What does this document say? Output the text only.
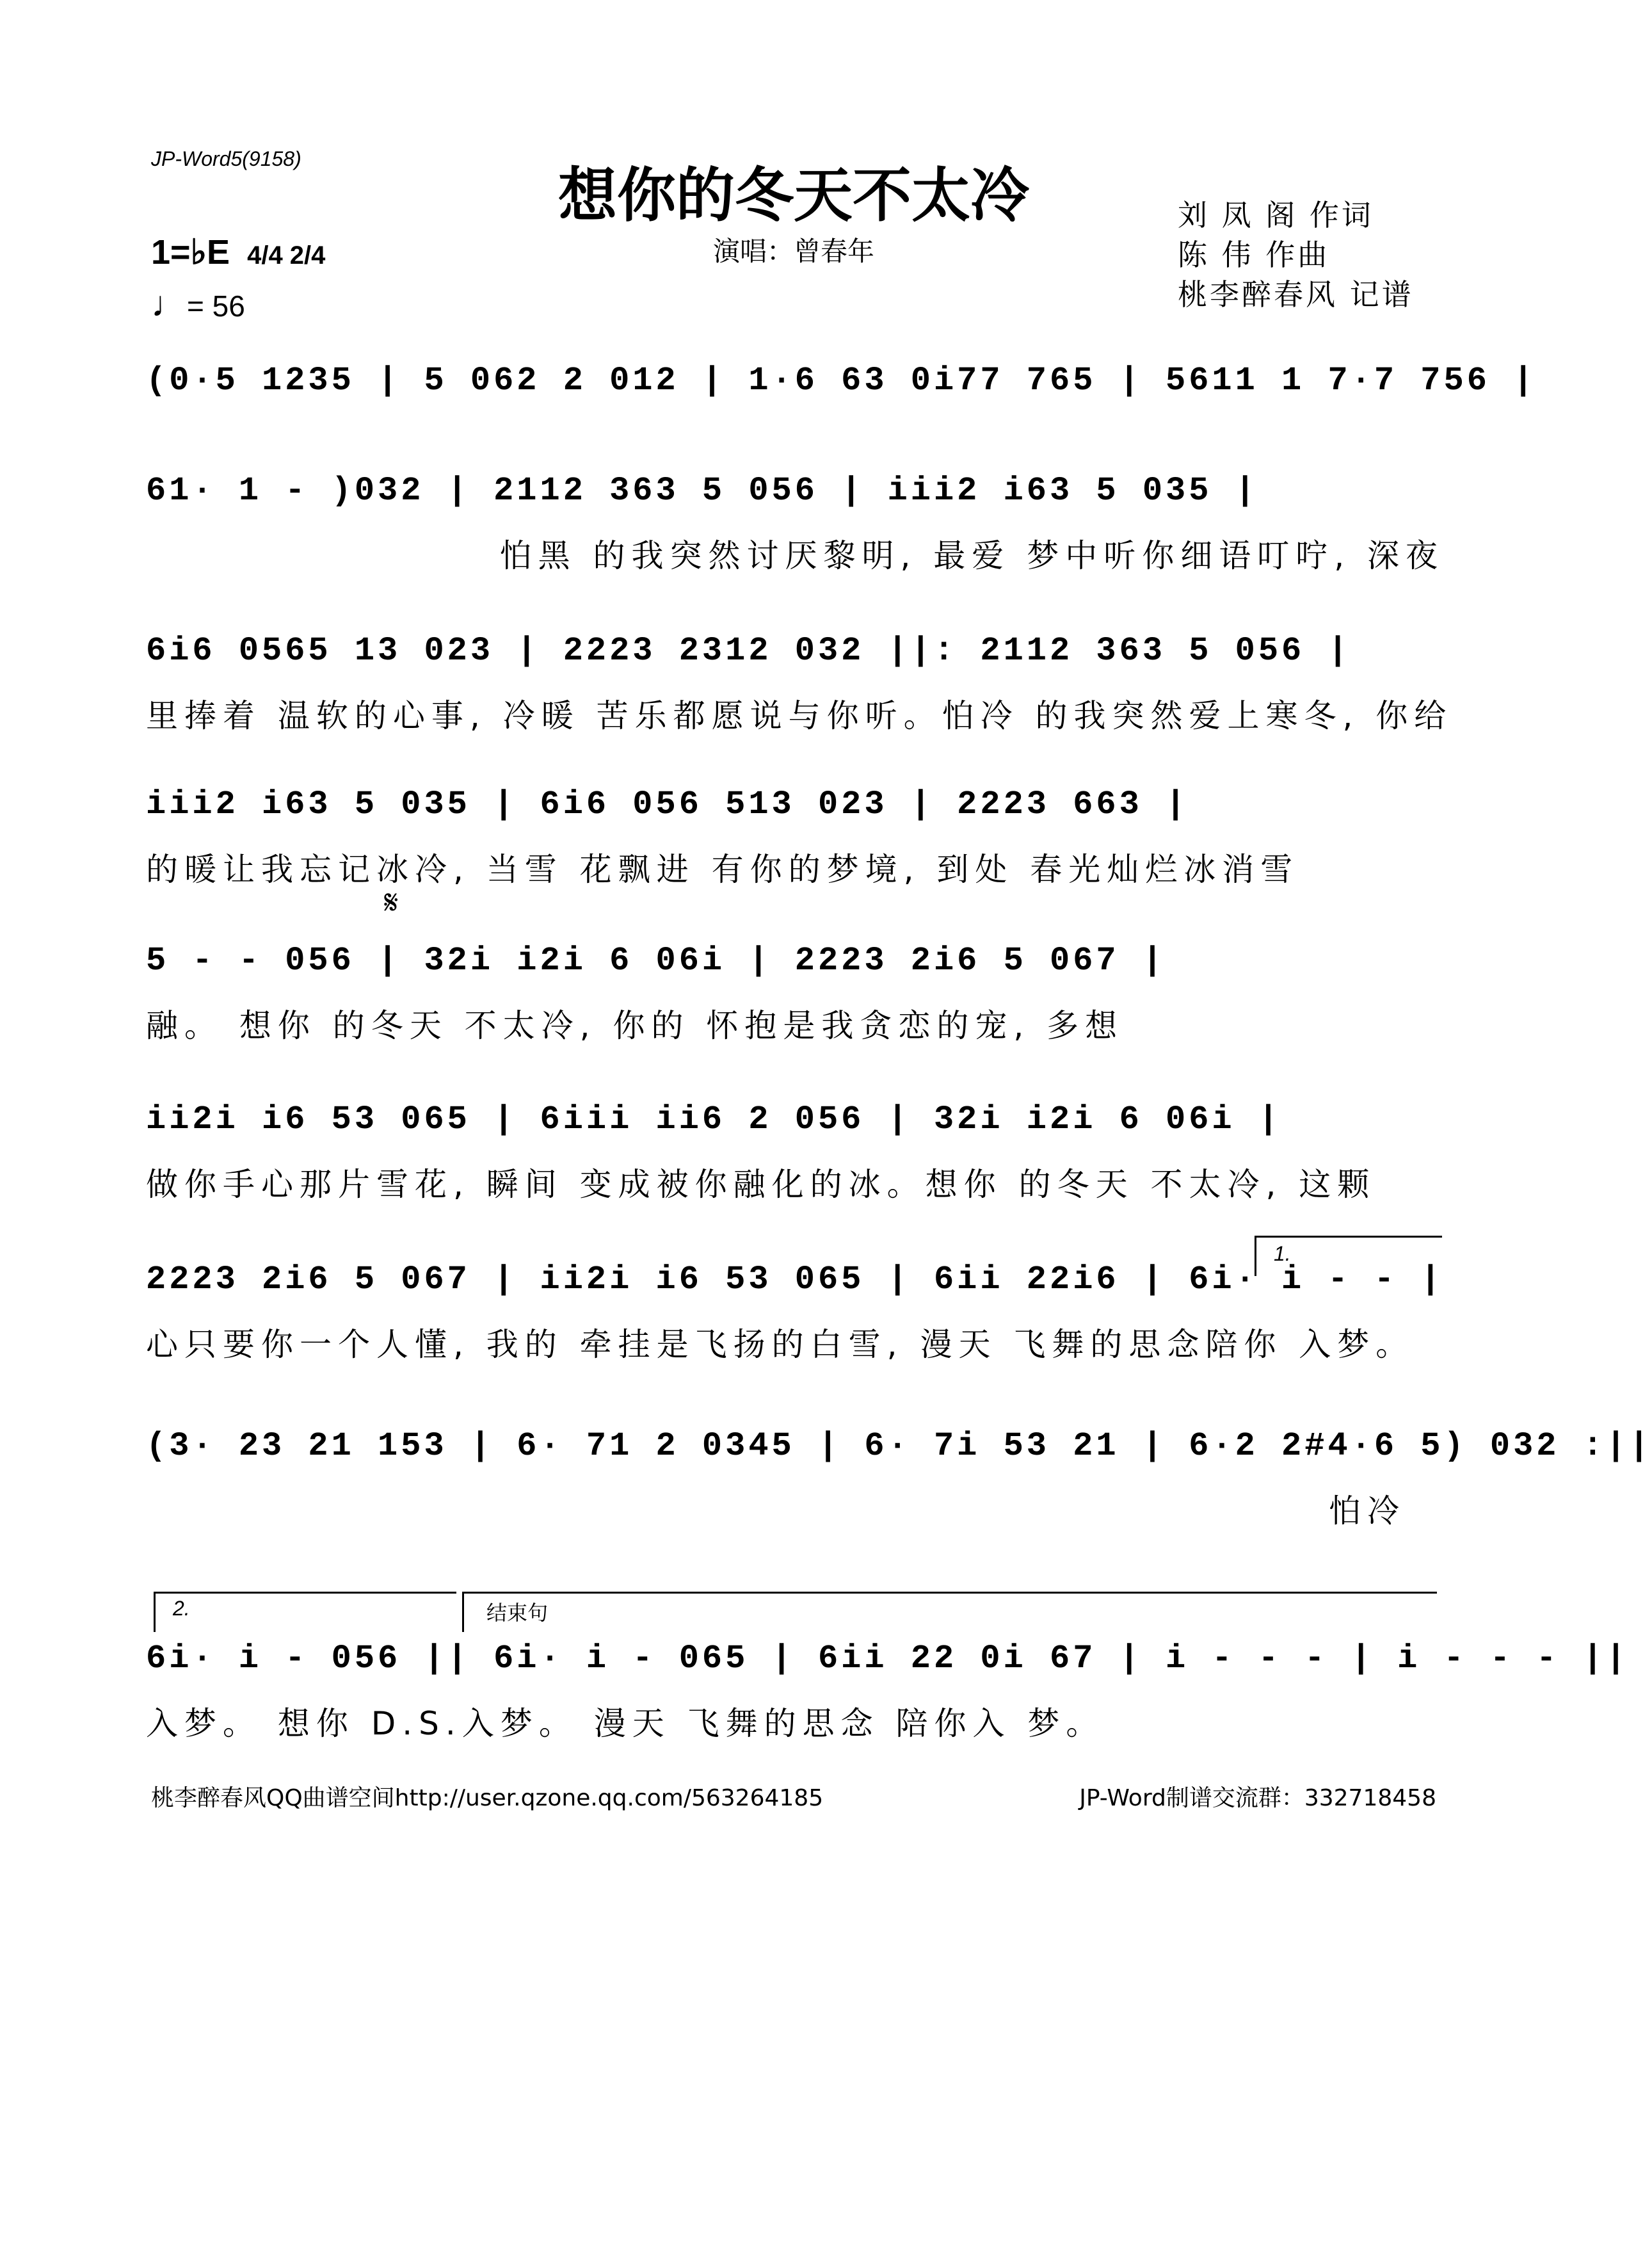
JP-Word5(9158)
想你的冬天不太冷
演唱：曾春年
刘 凤 阁 作词
陈 伟 作曲
桃李醉春风 记谱
1=♭E 4/4 2/4
♩= 56
(0·5 1235 | 5 062 2 012 | 1·6 63 0i77 765 | 5611 1 7·7 756 |
61· 1 - )032 | 2112 363 5 056 | iii2 i63 5 035 |
怕黑 的我突然讨厌黎明, 最爱 梦中听你细语叮咛, 深夜
6i6 0565 13 023 | 2223 2312 032 ||: 2112 363 5 056 |
里捧着 温软的心事, 冷暖 苦乐都愿说与你听。怕冷 的我突然爱上寒冬, 你给
iii2 i63 5 035 | 6i6 056 513 023 | 2223 663 |
的暖让我忘记冰冷, 当雪 花飘进 有你的梦境, 到处 春光灿烂冰消雪
𝄋
5 - - 056 | 32i i2i 6 06i | 2223 2i6 5 067 |
融。 想你 的冬天 不太冷, 你的 怀抱是我贪恋的宠, 多想
ii2i i6 53 065 | 6iii ii6 2 056 | 32i i2i 6 06i |
做你手心那片雪花, 瞬间 变成被你融化的冰。想你 的冬天 不太冷, 这颗
1.
2223 2i6 5 067 | ii2i i6 53 065 | 6ii 22i6 | 6i· i - - |
心只要你一个人懂, 我的 牵挂是飞扬的白雪, 漫天 飞舞的思念陪你 入梦。
(3· 23 21 153 | 6· 71 2 0345 | 6· 7i 53 21 | 6·2 2#4·6 5) 032 :||
怕冷
2.	结束句
6i· i - 056 || 6i· i - 065 | 6ii 22 0i 67 | i - - - | i - - - ||
入梦。 想你 D.S.入梦。 漫天 飞舞的思念 陪你入 梦。
桃李醉春风QQ曲谱空间http://user.qzone.qq.com/563264185	JP-Word制谱交流群：332718458
